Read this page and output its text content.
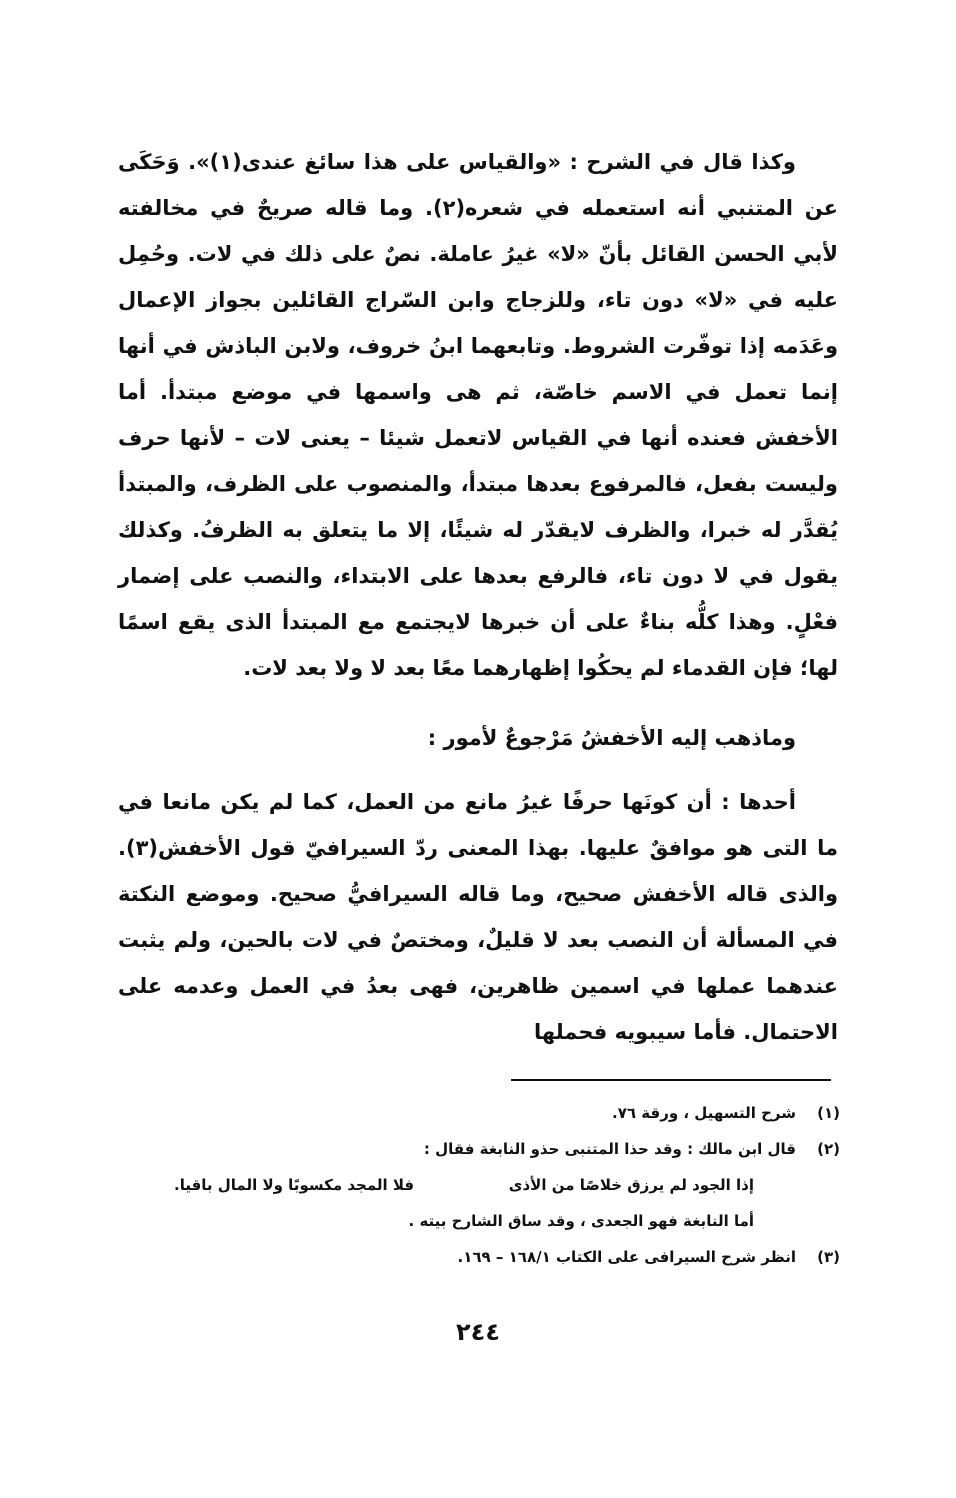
وكذا قال في الشرح : «والقياس على هذا سائغ عندى(١)». وَحَكَى عن المتنبي أنه استعمله في شعره(٢). وما قاله صريحٌ في مخالفته لأبي الحسن القائل بأنّ «لا» غيرُ عاملة. نصٌ على ذلك في لات. وحُمِل عليه في «لا» دون تاء، وللزجاج وابن السّراج القائلين بجواز الإعمال وعَدَمه إذا توفّرت الشروط. وتابعهما ابنُ خروف، ولابن الباذش في أنها إنما تعمل في الاسم خاصّة، ثم هى واسمها في موضع مبتدأ. أما الأخفش فعنده أنها في القياس لاتعمل شيئا – يعنى لات – لأنها حرف وليست بفعل، فالمرفوع بعدها مبتدأ، والمنصوب على الظرف، والمبتدأ يُقدَّر له خبرا، والظرف لايقدّر له شيئًا، إلا ما يتعلق به الظرفُ. وكذلك يقول في لا دون تاء، فالرفع بعدها على الابتداء، والنصب على إضمار فعْلٍ. وهذا كلُّه بناءٌ على أن خبرها لايجتمع مع المبتدأ الذى يقع اسمًا لها؛ فإن القدماء لم يحكُوا إظهارهما معًا بعد لا ولا بعد لات.

وماذهب إليه الأخفشُ مَرْجوعٌ لأمور :

أحدها : أن كونَها حرفًا غيرُ مانع من العمل، كما لم يكن مانعا في ما التى هو موافقٌ عليها. بهذا المعنى ردّ السيرافيّ قول الأخفش(٣). والذى قاله الأخفش صحيح، وما قاله السيرافيُّ صحيح. وموضع النكتة في المسألة أن النصب بعد لا قليلٌ، ومختصٌ في لات بالحين، ولم يثبت عندهما عملها في اسمين ظاهرين، فهى بعدُ في العمل وعدمه على الاحتمال. فأما سيبويه فحملها

(١)
شرح التسهيل ، ورقة ٧٦.
(٢)
قال ابن مالك : وقد حذا المتنبى حذو النابغة فقال :
إذا الجود لم يرزق خلاصًا من الأذى
فلا المجد مكسوبًا ولا المال باقيا.
أما النابغة فهو الجعدى ، وقد ساق الشارح بيته .
(٣)
انظر شرح السيرافى على الكتاب ١٦٨/١ – ١٦٩.
٢٤٤
